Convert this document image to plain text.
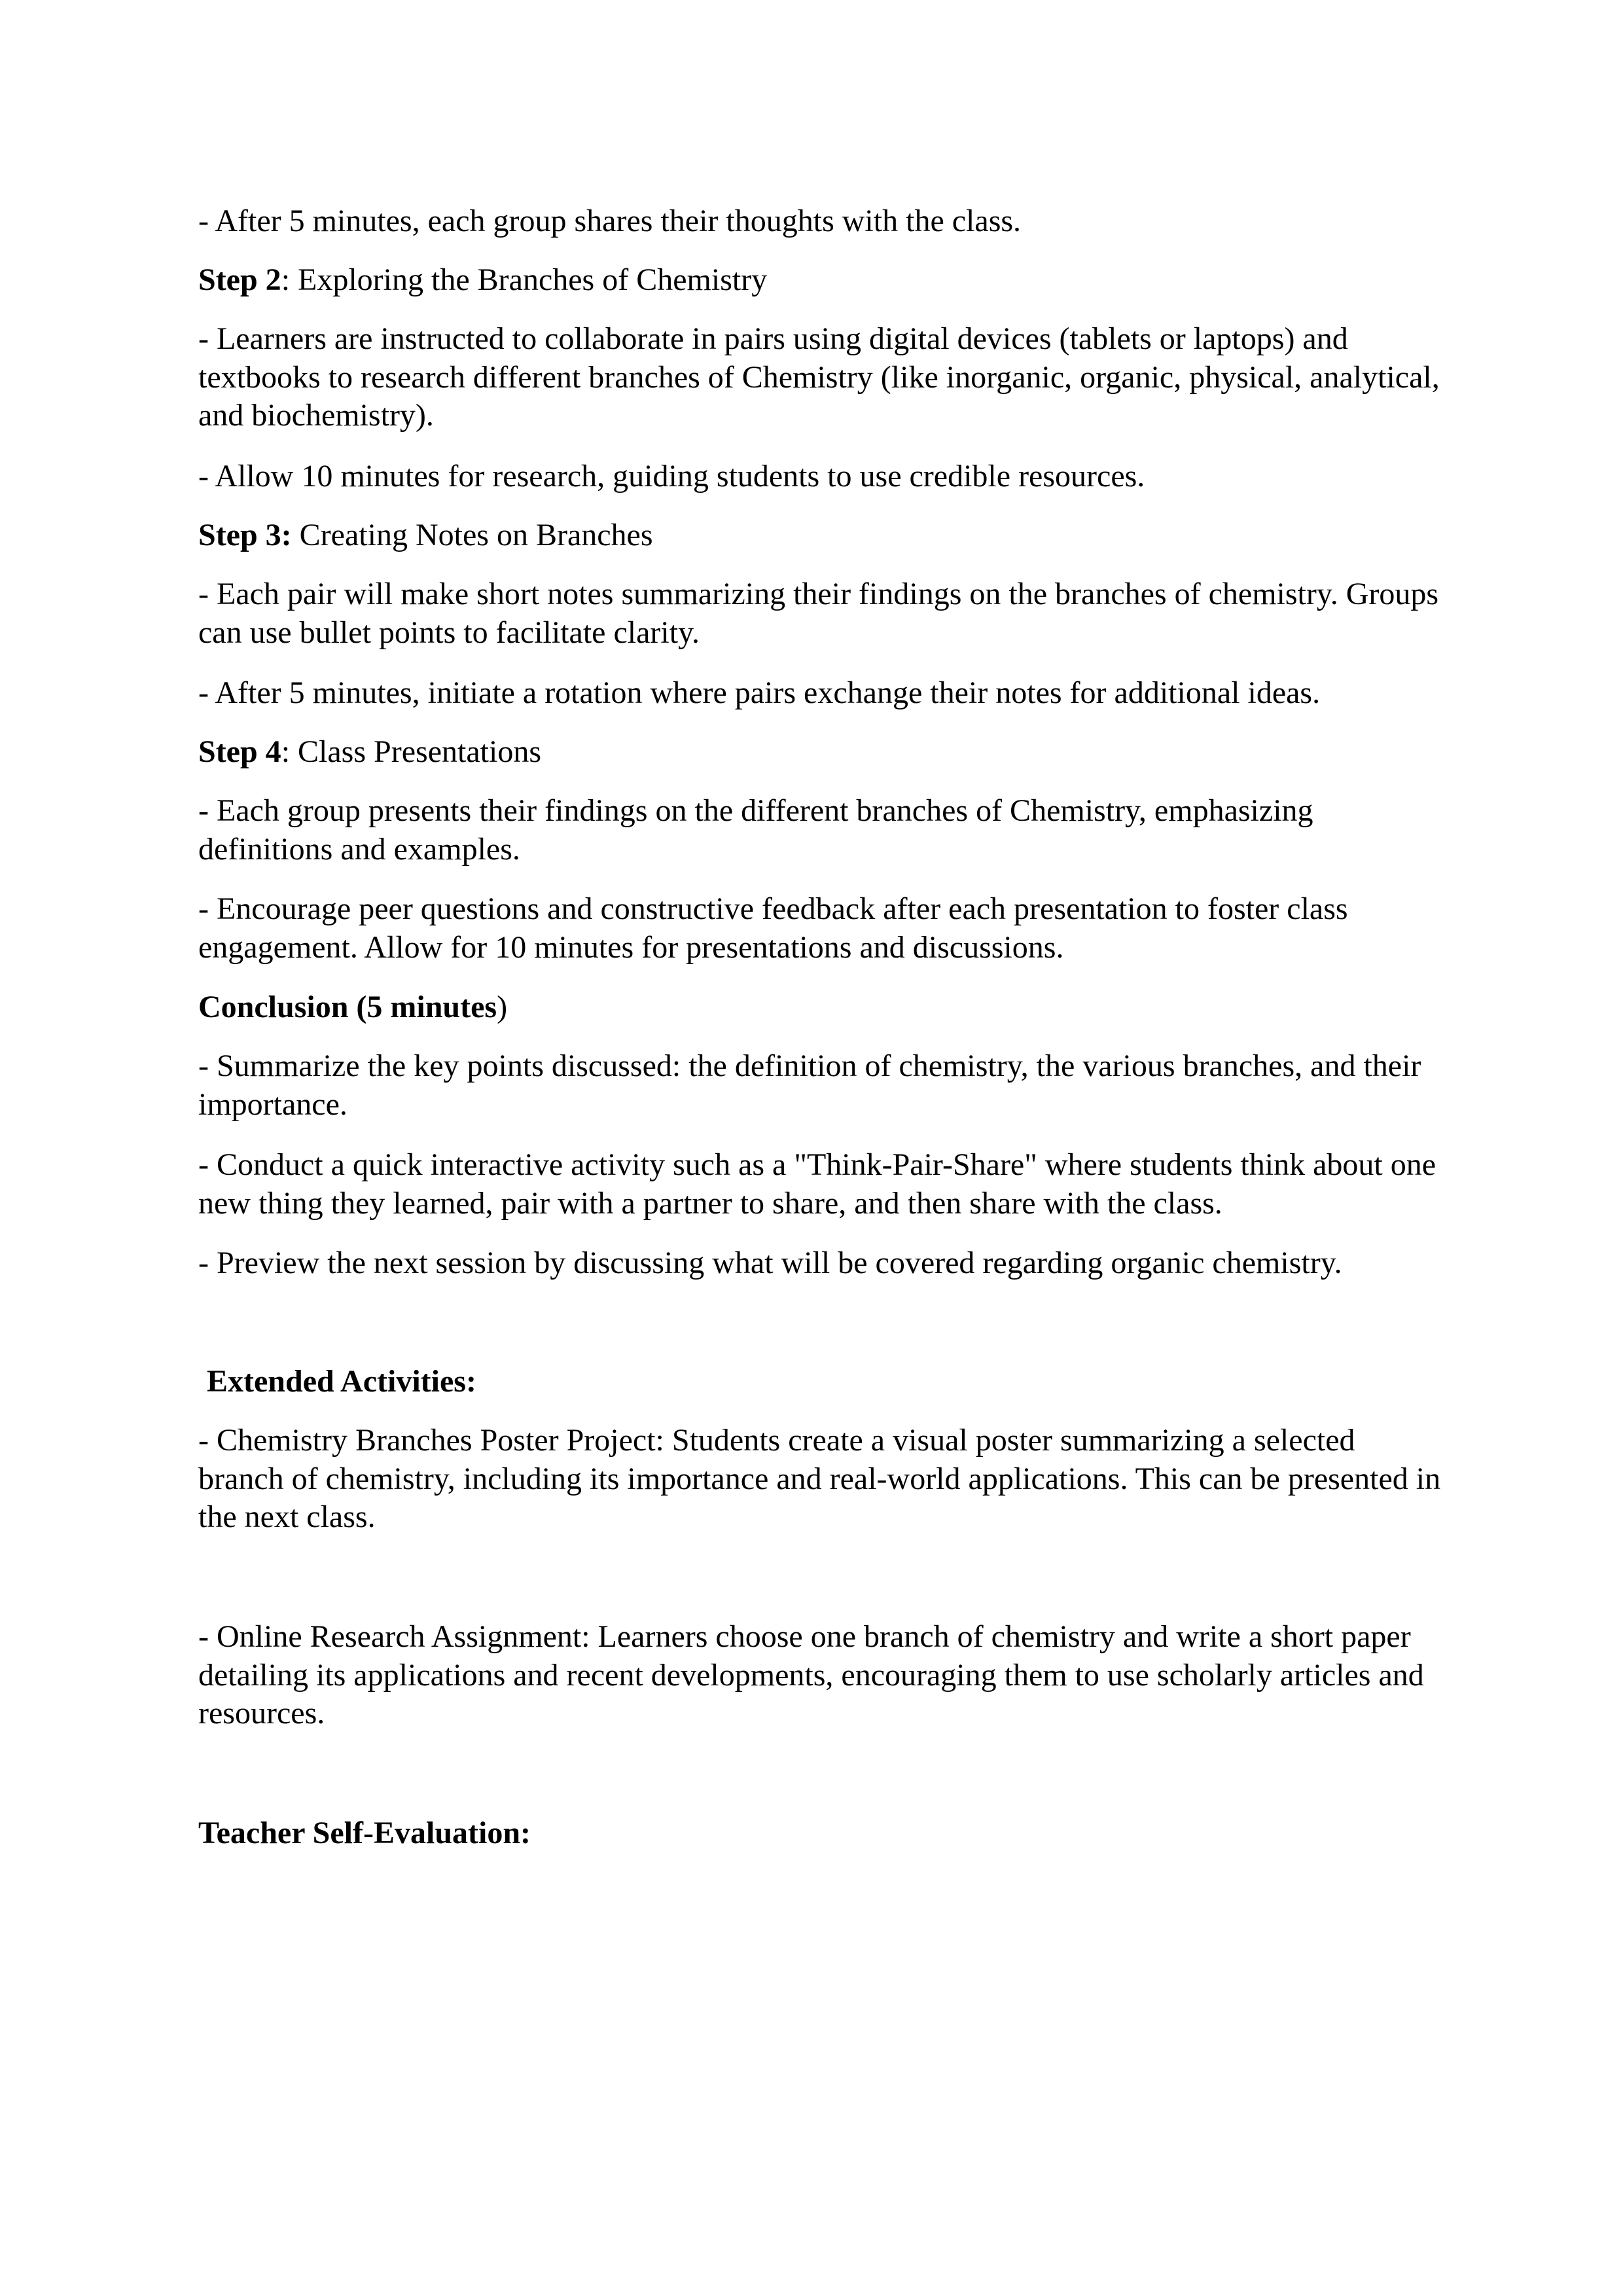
- After 5 minutes, each group shares their thoughts with the class.

Step 2: Exploring the Branches of Chemistry

- Learners are instructed to collaborate in pairs using digital devices (tablets or laptops) and textbooks to research different branches of Chemistry (like inorganic, organic, physical, analytical, and biochemistry).

- Allow 10 minutes for research, guiding students to use credible resources.

Step 3: Creating Notes on Branches

- Each pair will make short notes summarizing their findings on the branches of chemistry. Groups can use bullet points to facilitate clarity.

- After 5 minutes, initiate a rotation where pairs exchange their notes for additional ideas.

Step 4: Class Presentations

- Each group presents their findings on the different branches of Chemistry, emphasizing definitions and examples.

- Encourage peer questions and constructive feedback after each presentation to foster class engagement. Allow for 10 minutes for presentations and discussions.

Conclusion (5 minutes)

- Summarize the key points discussed: the definition of chemistry, the various branches, and their importance.

- Conduct a quick interactive activity such as a "Think-Pair-Share" where students think about one new thing they learned, pair with a partner to share, and then share with the class.

- Preview the next session by discussing what will be covered regarding organic chemistry.

Extended Activities:

- Chemistry Branches Poster Project: Students create a visual poster summarizing a selected branch of chemistry, including its importance and real-world applications. This can be presented in the next class.

- Online Research Assignment: Learners choose one branch of chemistry and write a short paper detailing its applications and recent developments, encouraging them to use scholarly articles and resources.

Teacher Self-Evaluation:
